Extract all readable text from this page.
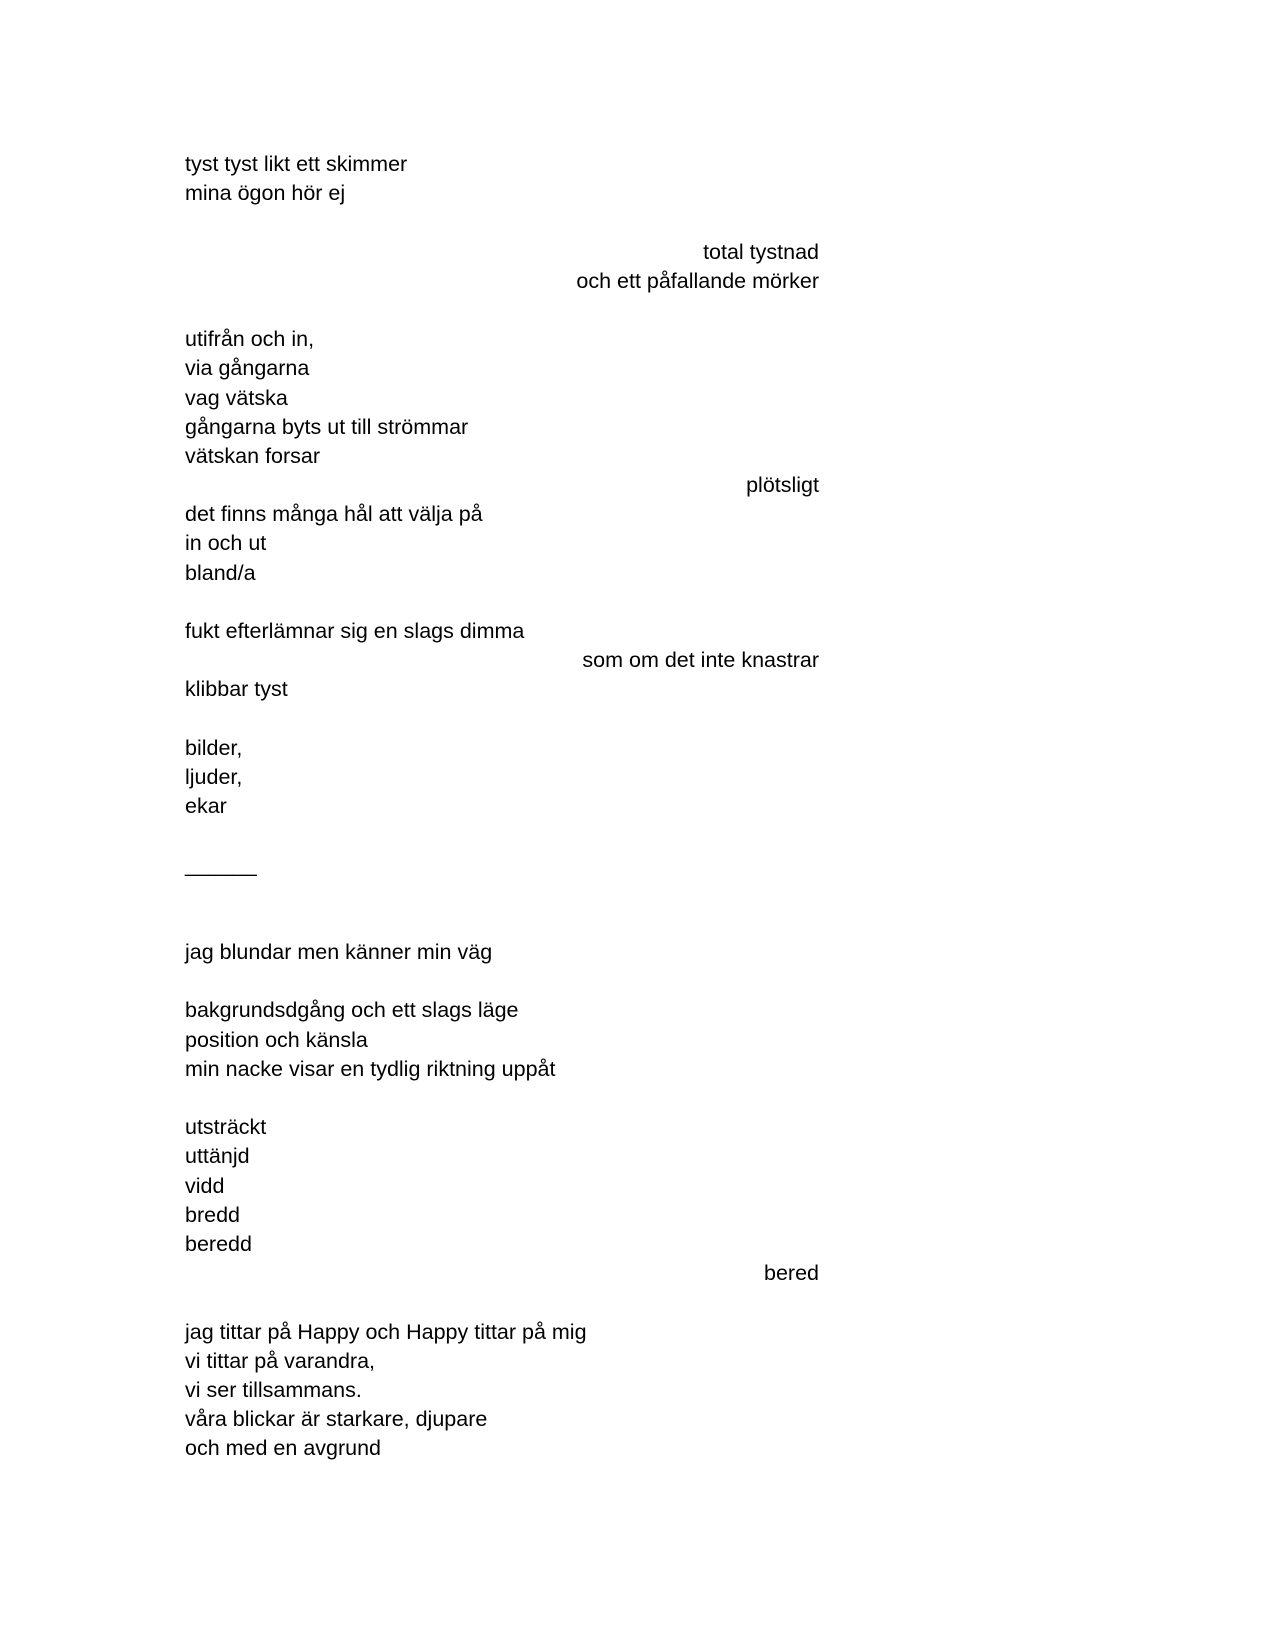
tyst tyst likt ett skimmer
mina ögon hör ej
total tystnad
och ett påfallande mörker
utifrån och in,
via gångarna
vag vätska
gångarna byts ut till strömmar
vätskan forsar
plötsligt
det finns många hål att välja på
in och ut
bland/a
fukt efterlämnar sig en slags dimma
som om det inte knastrar
klibbar tyst
bilder,
ljuder,
ekar
______
jag blundar men känner min väg
bakgrundsdgång och ett slags läge
position och känsla
min nacke visar en tydlig riktning uppåt
utsträckt
uttänjd
vidd
bredd
beredd
bered
jag tittar på Happy och Happy tittar på mig
vi tittar på varandra,
vi ser tillsammans.
våra blickar är starkare, djupare
och med en avgrund
